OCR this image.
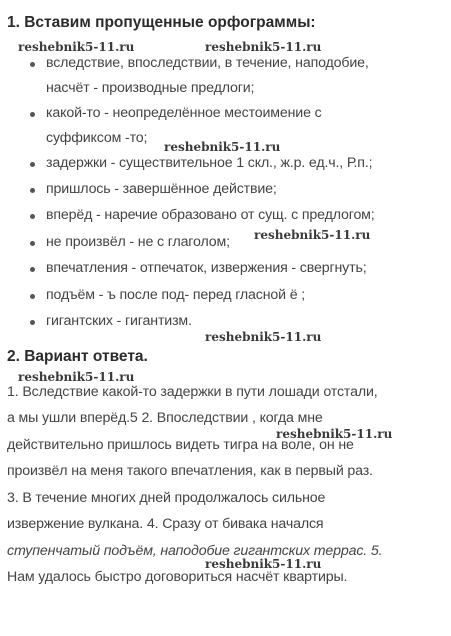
1. Вставим пропущенные орфограммы:
вследствие, впоследствии, в течение, наподобие,
насчёт - производные предлоги;
какой-то - неопределённое местоимение с
суффиксом -то;
задержки - существительное 1 скл., ж.р. ед.ч., Р.п.;
пришлось - завершённое действие;
вперёд - наречие образовано от сущ. с предлогом;
не произвёл - не с глаголом;
впечатления - отпечаток, извержения - свергнуть;
подъём - ъ после под- перед гласной ё ;
гигантских - гигантизм.
2. Вариант ответа.
1. Вследствие какой-то задержки в пути лошади отстали,
а мы ушли вперёд.5 2. Впоследствии , когда мне
действительно пришлось видеть тигра на воле, он не
произвёл на меня такого впечатления, как в первый раз.
3. В течение многих дней продолжалось сильное
извержение вулкана. 4. Сразу от бивака начался
ступенчатый подъём, наподобие гигантских террас. 5.
Нам удалось быстро договориться насчёт квартиры.
reshebnik5-11.ru	reshebnik5-11.ru
reshebnik5-11.ru
reshebnik5-11.ru
reshebnik5-11.ru
reshebnik5-11.ru
reshebnik5-11.ru
reshebnik5-11.ru
